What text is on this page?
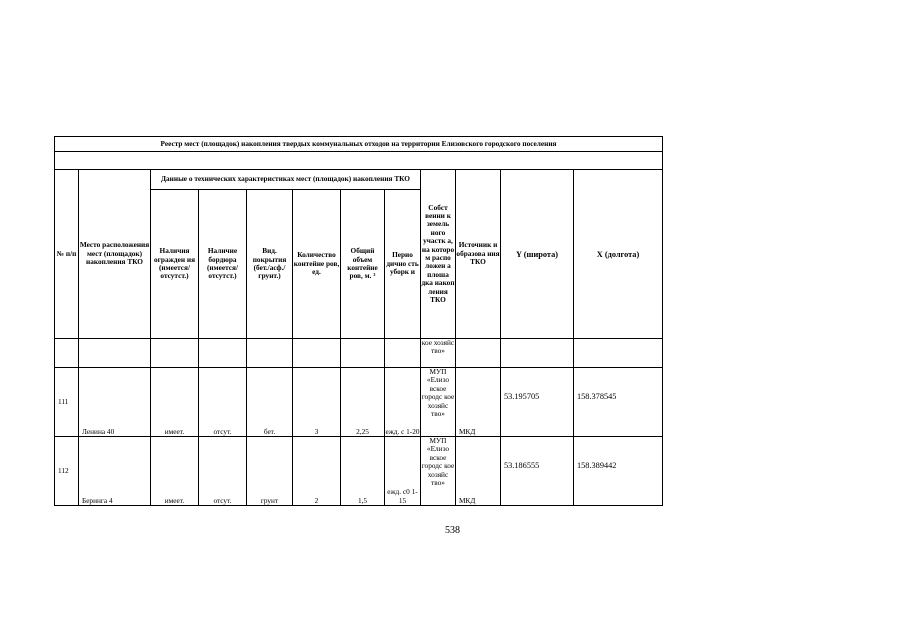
Реестр мест (площадок) накопления твердых коммунальных отходов на территории Елизовского городского поселения											

№ п/п	Место расположения мест (площадок) накопления ТКО	Данные о технических характеристиках мест (площадок) накопления ТКО						Собст венни к земель ного участк а, на которо м распо ложен а плоша дка накоп ления ТКО	Источник и образова ния ТКО	Y (широта)	X (долгота)
		Наличия огражден ия (имеется/ отсутст.)	Наличие бордюра (имеется/ отсутст.)	Вид. покрытия (бет./асф./ грунт.)	Количество контейне ров, ед.	Общий объем контейне ров, м. ³	Перио дично сть уборк и				
								кое хозяйс тво»			
111	Ленина 40	имеет.	отсут.	бет.	3	2,25	ежд. с 1-20	МУП «Елизо вское городс кое хозяйс тво»	МКД	53.195705	158.378545
112	Беринга 4	имеет.	отсут.	грунт	2	1,5	ежд. с0 1-15	МУП «Елизо вское городс кое хозяйс тво»	МКД	53.186555	158.389442
538
